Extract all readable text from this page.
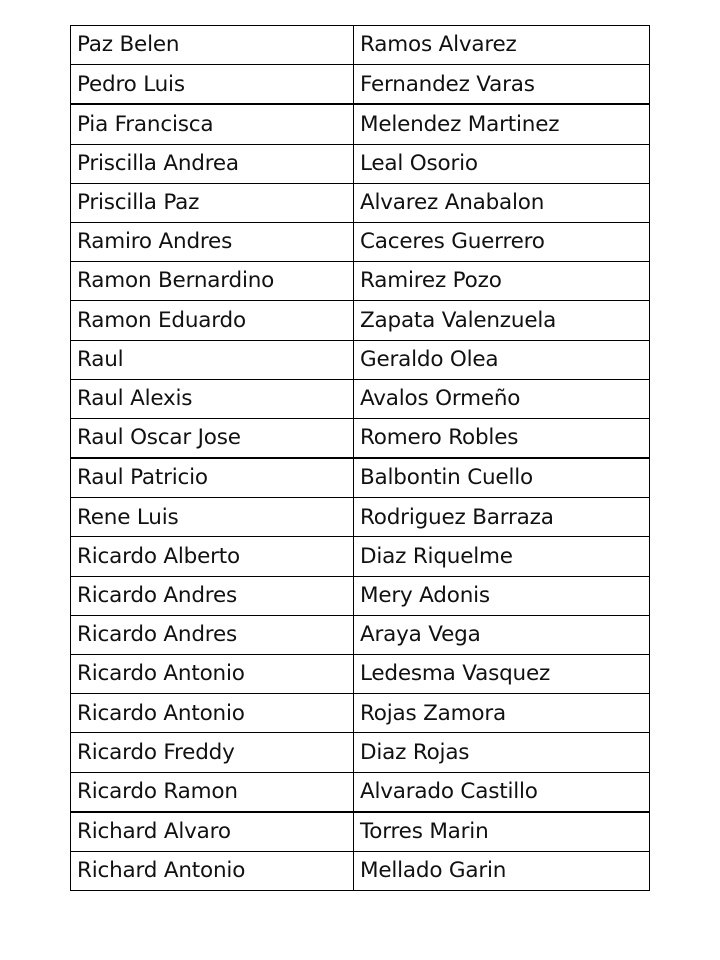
Paz Belen	Ramos Alvarez
Pedro Luis	Fernandez Varas
Pia Francisca	Melendez Martinez
Priscilla Andrea	Leal Osorio
Priscilla Paz	Alvarez Anabalon
Ramiro Andres	Caceres Guerrero
Ramon Bernardino	Ramirez Pozo
Ramon Eduardo	Zapata Valenzuela
Raul	Geraldo Olea
Raul Alexis	Avalos Ormeño
Raul Oscar Jose	Romero Robles
Raul Patricio	Balbontin Cuello
Rene Luis	Rodriguez Barraza
Ricardo Alberto	Diaz Riquelme
Ricardo Andres	Mery Adonis
Ricardo Andres	Araya Vega
Ricardo Antonio	Ledesma Vasquez
Ricardo Antonio	Rojas Zamora
Ricardo Freddy	Diaz Rojas
Ricardo Ramon	Alvarado Castillo
Richard Alvaro	Torres Marin
Richard Antonio	Mellado Garin
